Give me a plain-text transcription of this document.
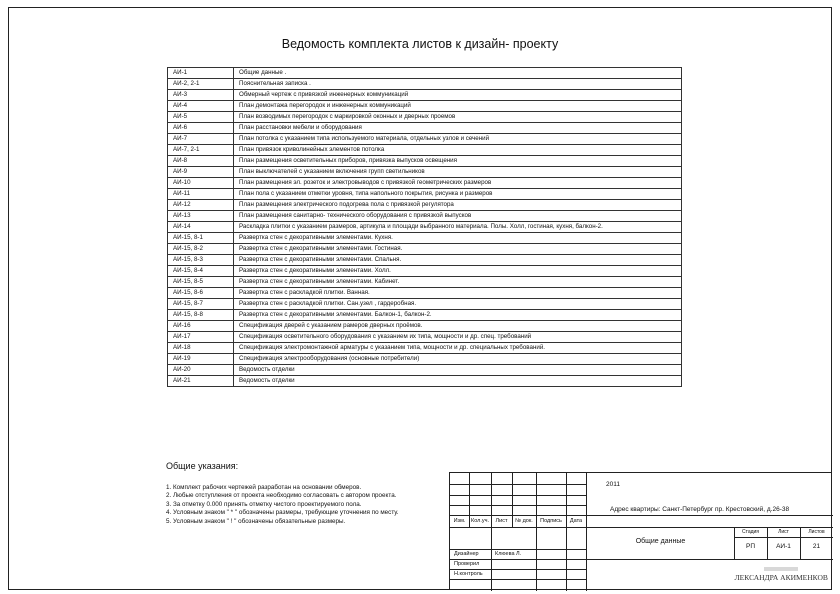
Ведомость комплекта листов к дизайн- проекту
АИ-1	Общие данные .
АИ-2, 2-1	Пояснительная записка .
АИ-3	Обмерный чертеж с привязкой инженерных коммуникаций
АИ-4	План демонтажа перегородок и инженерных коммуникаций
АИ-5	План возводимых перегородок с маркировкой оконных и дверных проемов
АИ-6	План расстановки мебели и оборудования
АИ-7	План потолка с указанием типа используемого материала, отдельных узлов и сечений
АИ-7, 2-1	План привязок криволинейных элементов потолка
АИ-8	План размещения осветительных приборов, привязка выпусков освещения
АИ-9	План выключателей с указанием включения групп светильников
АИ-10	План размещения эл. розеток и электровыводов с привязкой геометрических размеров
АИ-11	План пола с указанием отметки уровня, типа напольного покрытия, рисунка и размеров
АИ-12	План размещения электрического подогрева пола с привязкой регулятора
АИ-13	План размещения санитарно- технического оборудования с привязкой выпусков
АИ-14	Раскладка плитки с указанием размеров, артикула и площади выбранного материала. Полы. Холл, гостиная, кухня, балкон-2.
АИ-15, 8-1	Развертка стен с декоративными элементами. Кухня.
АИ-15, 8-2	Развертка стен с декоративными элементами. Гостиная.
АИ-15, 8-3	Развертка стен с декоративными элементами. Спальня.
АИ-15, 8-4	Развертка стен с декоративными элементами. Холл.
АИ-15, 8-5	Развертка стен с декоративными элементами. Кабинет.
АИ-15, 8-6	Развертка стен с раскладкой плитки. Ванная.
АИ-15, 8-7	Развертка стен с раскладкой плитки. Сан.узел , гардеробная.
АИ-15, 8-8	Развертка стен с декоративными элементами. Балкон-1, балкон-2.
АИ-16	Спецификация дверей с указанием рамеров дверных проёмов.
АИ-17	Спецификация осветительного оборудования с указанием их типа, мощности и др. спец. требований
АИ-18	Спецификация электромонтажной арматуры с указанием типа, мощности и др. специальных требований.
АИ-19	Спецификация электрооборудования (основные потребители)
АИ-20	Ведомость отделки
АИ-21	Ведомость отделки
Общие указания:
1. Комплект рабочих чертежей разработан на основании обмеров.
2. Любые отступления от проекта необходимо согласовать с автором проекта.
3. За отметку 0.000 принять отметку чистого проектируемого пола.
4. Условным знаком " * " обозначены размеры, требующие уточнения по месту.
5. Условным знаком " ! " обозначены обязательные размеры.	Изм.	Кол.уч.	Лист	№ док.	Подпись	Дата
Дизайнер	Клюева Л.
Проверил
Н.контроль
2011
Адрес квартиры: Санкт-Петербург пр. Крестовский, д.26-38
Общие данные
Стадия	Лист	Листов
РП	АИ-1	21
АЛЕКСАНДРА АКИМЕНКОВА
